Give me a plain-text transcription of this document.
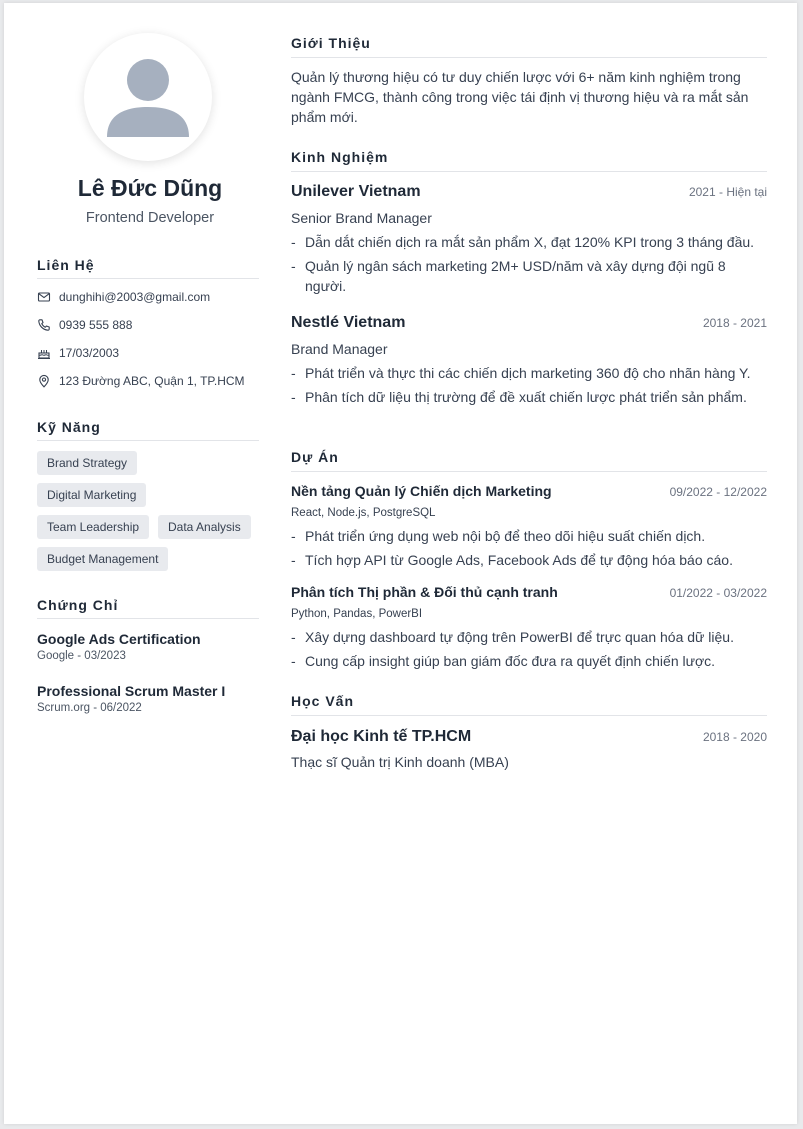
Lê Đức Dũng
Frontend Developer
Liên Hệ
dunghihi@2003@gmail.com
0939 555 888
17/03/2003
123 Đường ABC, Quận 1, TP.HCM
Kỹ Năng
Brand Strategy
Digital Marketing
Team Leadership	Data Analysis
Budget Management
Chứng Chỉ
Google Ads Certification
Google - 03/2023
Professional Scrum Master I
Scrum.org - 06/2022
Giới Thiệu
Quản lý thương hiệu có tư duy chiến lược với 6+ năm kinh nghiệm trong ngành FMCG, thành công trong việc tái định vị thương hiệu và ra mắt sản phẩm mới.
Kinh Nghiệm
Unilever Vietnam	2021 - Hiện tại
Senior Brand Manager
- Dẫn dắt chiến dịch ra mắt sản phẩm X, đạt 120% KPI trong 3 tháng đầu.
- Quản lý ngân sách marketing 2M+ USD/năm và xây dựng đội ngũ 8 người.
Nestlé Vietnam	2018 - 2021
Brand Manager
- Phát triển và thực thi các chiến dịch marketing 360 độ cho nhãn hàng Y.
- Phân tích dữ liệu thị trường để đề xuất chiến lược phát triển sản phẩm.
Dự Án
Nền tảng Quản lý Chiến dịch Marketing	09/2022 - 12/2022
React, Node.js, PostgreSQL
- Phát triển ứng dụng web nội bộ để theo dõi hiệu suất chiến dịch.
- Tích hợp API từ Google Ads, Facebook Ads để tự động hóa báo cáo.
Phân tích Thị phần & Đối thủ cạnh tranh	01/2022 - 03/2022
Python, Pandas, PowerBI
- Xây dựng dashboard tự động trên PowerBI để trực quan hóa dữ liệu.
- Cung cấp insight giúp ban giám đốc đưa ra quyết định chiến lược.
Học Vấn
Đại học Kinh tế TP.HCM	2018 - 2020
Thạc sĩ Quản trị Kinh doanh (MBA)
